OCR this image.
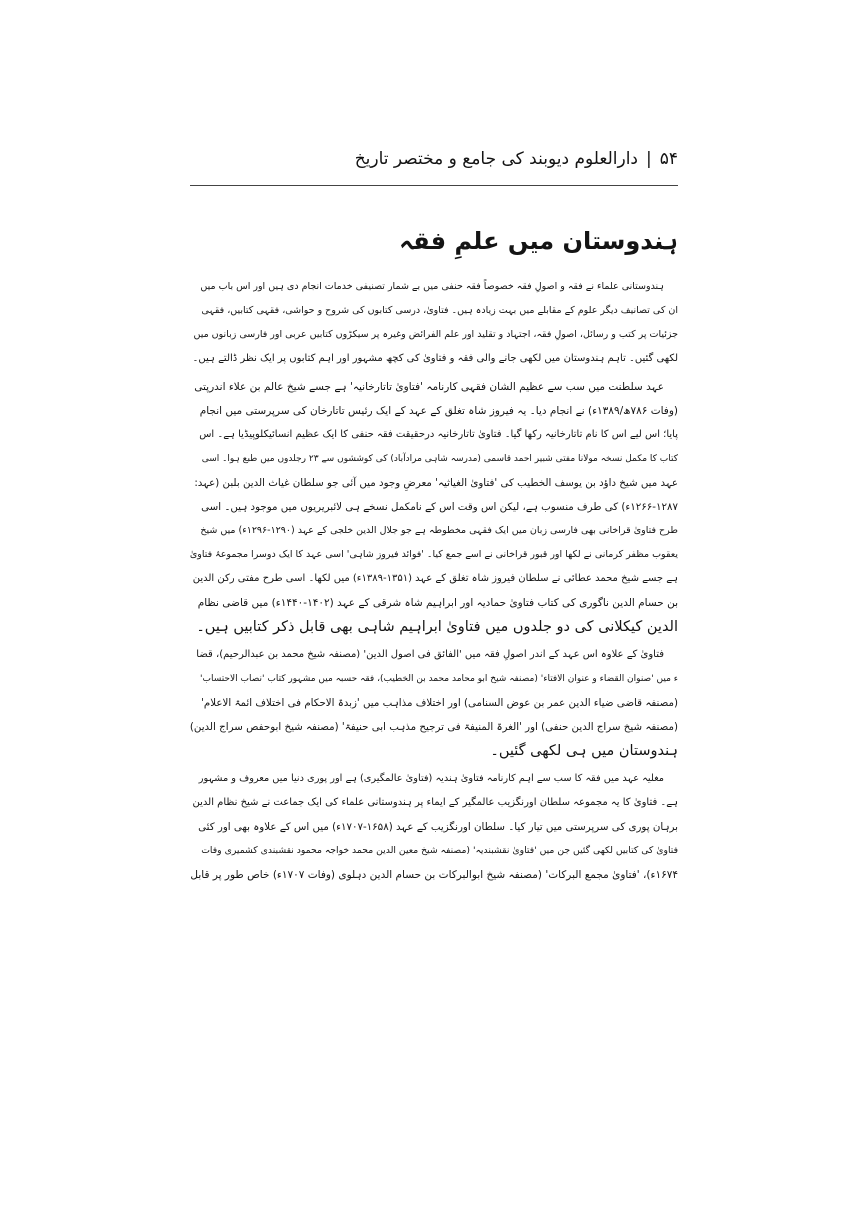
۵۴
|
دارالعلوم دیوبند کی جامع و مختصر تاریخ
ہندوستان میں علمِ فقہ
ہندوستانی علماء نے فقہ و اصولِ فقہ خصوصاً فقہ حنفی میں بے شمار تصنیفی خدمات انجام دی ہیں اور اس باب میں
ان کی تصانیف دیگر علوم کے مقابلے میں بہت زیادہ ہیں۔ فتاویٰ، درسی کتابوں کی شروح و حواشی، فقہی کتابیں، فقہی
جزئیات پر کتب و رسائل، اصولِ فقہ، اجتہاد و تقلید اور علم الفرائض وغیرہ پر سیکڑوں کتابیں عربی اور فارسی زبانوں میں
لکھی گئیں۔ تاہم ہندوستان میں لکھی جانے والی فقہ و فتاویٰ کی کچھ مشہور اور اہم کتابوں پر ایک نظر ڈالتے ہیں۔
عہد سلطنت میں سب سے عظیم الشان فقہی کارنامہ 'فتاویٰ تاتارخانیہ' ہے جسے شیخ عالم بن علاء اندرپتی
(وفات ۷۸۶ھ/۱۳۸۹ء) نے انجام دیا۔ یہ فیروز شاہ تغلق کے عہد کے ایک رئیس تاتارخان کی سرپرستی میں انجام
پایا؛ اس لیے اس کا نام تاتارخانیہ رکھا گیا۔ فتاویٰ تاتارخانیہ درحقیقت فقہ حنفی کا ایک عظیم انسائیکلوپیڈیا ہے۔ اس
کتاب کا مکمل نسخہ مولانا مفتی شبیر احمد قاسمی (مدرسہ شاہی مرادآباد) کی کوششوں سے ۲۳ رجلدوں میں طبع ہوا۔ اسی
عہد میں شیخ داؤد بن یوسف الخطیب کی 'فتاویٰ الغیاثیہ' معرضِ وجود میں آئی جو سلطان غیاث الدین بلبن (عہد:
۱۲۶۶-۱۲۸۷ء) کی طرف منسوب ہے، لیکن اس وقت اس کے نامکمل نسخے ہی لائبریریوں میں موجود ہیں۔ اسی
طرح فتاویٰ قراخانی بھی فارسی زبان میں ایک فقہی مخطوطہ ہے جو جلال الدین خلجی کے عہد (۱۲۹۰-۱۲۹۶ء) میں شیخ
یعقوب مظفر کرمانی نے لکھا اور قبور قراخانی نے اسے جمع کیا۔ 'فوائد فیروز شاہی' اسی عہد کا ایک دوسرا مجموعۂ فتاویٰ
ہے جسے شیخ محمد عطائی نے سلطان فیروز شاہ تغلق کے عہد (۱۳۵۱-۱۳۸۹ء) میں لکھا۔ اسی طرح مفتی رکن الدین
بن حسام الدین ناگوری کی کتاب فتاویٰ حمادیہ اور ابراہیم شاہ شرقی کے عہد (۱۴۰۲-۱۴۴۰ء) میں قاضی نظام
الدین کیکلانی کی دو جلدوں میں فتاویٰ ابراہیم شاہی بھی قابل ذکر کتابیں ہیں۔
فتاویٰ کے علاوہ اس عہد کے اندر اصولِ فقہ میں 'الفائق فی اصول الدین' (مصنفہ شیخ محمد بن عبدالرحیم)، قضا
ء میں 'صنوان القضاء و عنوان الافتاء' (مصنفہ شیخ ابو محامد محمد بن الخطیب)، فقہ حسبہ میں مشہور کتاب 'نصاب الاحتساب'
(مصنفہ قاضی ضیاء الدین عمر بن عوض السنامی) اور اختلاف مذاہب میں 'زبدۃ الاحکام فی اختلاف ائمۃ الاعلام'
(مصنفہ شیخ سراج الدین حنفی) اور 'الغرۃ المنیفۃ فی ترجیح مذہب ابی حنیفۃ' (مصنفہ شیخ ابوحفص سراج الدین)
ہندوستان میں ہی لکھی گئیں۔
مغلیہ عہد میں فقہ کا سب سے اہم کارنامہ فتاویٰ ہندیہ (فتاویٰ عالمگیری) ہے اور پوری دنیا میں معروف و مشہور
ہے۔ فتاویٰ کا یہ مجموعہ سلطان اورنگزیب عالمگیر کے ایماء پر ہندوستانی علماء کی ایک جماعت نے شیخ نظام الدین
برہان پوری کی سرپرستی میں تیار کیا۔ سلطان اورنگزیب کے عہد (۱۶۵۸-۱۷۰۷ء) میں اس کے علاوہ بھی اور کئی
فتاویٰ کی کتابیں لکھی گئیں جن میں 'فتاویٰ نقشبندیہ' (مصنفہ شیخ معین الدین محمد خواجہ محمود نقشبندی کشمیری وفات
۱۶۷۴ء)، 'فتاویٰ مجمع البرکات' (مصنفہ شیخ ابوالبرکات بن حسام الدین دہلوی (وفات ۱۷۰۷ء) خاص طور پر قابل
